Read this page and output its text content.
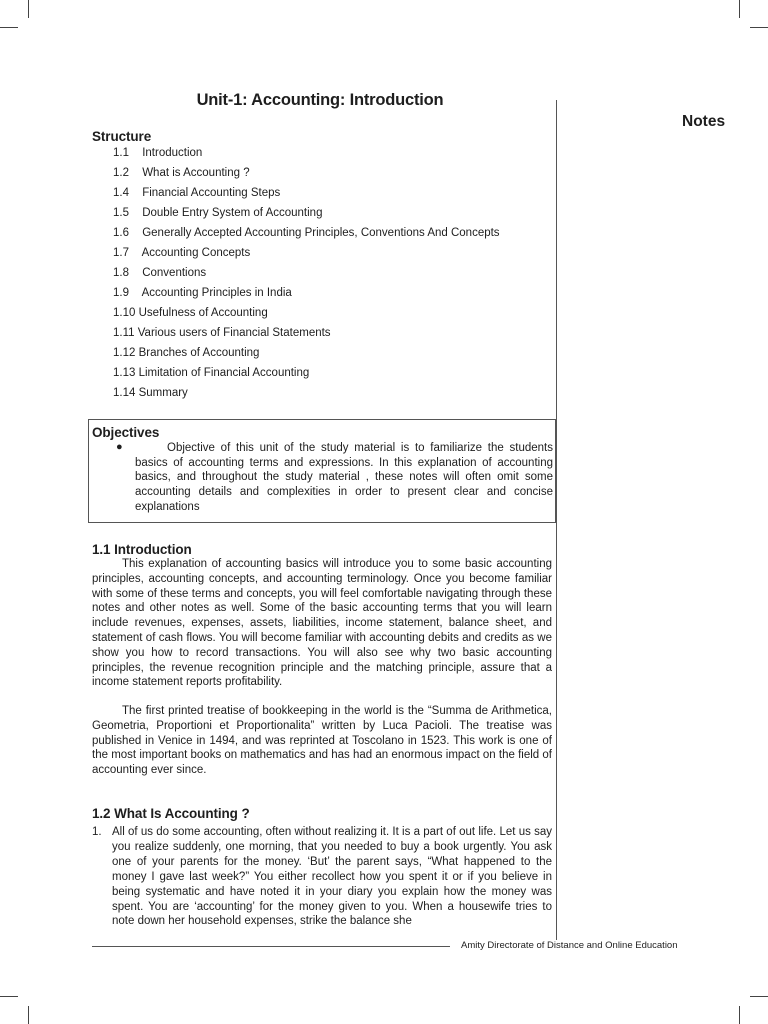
Unit-1: Accounting: Introduction
Notes
Structure
1.1 Introduction
1.2 What is Accounting ?
1.4 Financial Accounting Steps
1.5 Double Entry System of Accounting
1.6 Generally Accepted Accounting Principles, Conventions And Concepts
1.7 Accounting Concepts
1.8 Conventions
1.9 Accounting Principles in India
1.10 Usefulness of Accounting
1.11 Various users of Financial Statements
1.12 Branches of Accounting
1.13 Limitation of Financial Accounting
1.14 Summary
Objectives
●	Objective of this unit of the study material is to familiarize the students basics of accounting terms and expressions. In this explanation of accounting basics, and throughout the study material , these notes will often omit some accounting details and complexities in order to present clear and concise explanations
1.1 Introduction

This explanation of accounting basics will introduce you to some basic accounting principles, accounting concepts, and accounting terminology. Once you become familiar with some of these terms and concepts, you will feel comfortable navigating through these notes and other notes as well. Some of the basic accounting terms that you will learn include revenues, expenses, assets, liabilities, income statement, balance sheet, and statement of cash flows. You will become familiar with accounting debits and credits as we show you how to record transactions. You will also see why two basic accounting principles, the revenue recognition principle and the matching principle, assure that a income statement reports profitability.

The first printed treatise of bookkeeping in the world is the “Summa de Arithmetica, Geometria, Proportioni et Proportionalita” written by Luca Pacioli. The treatise was published in Venice in 1494, and was reprinted at Toscolano in 1523. This work is one of the most important books on mathematics and has had an enormous impact on the field of accounting ever since.

1.2 What Is Accounting ?
1. All of us do some accounting, often without realizing it. It is a part of out life. Let us say you realize suddenly, one morning, that you needed to buy a book urgently. You ask one of your parents for the money. ‘But’ the parent says, “What happened to the money I gave last week?” You either recollect how you spent it or if you believe in being systematic and have noted it in your diary you explain how the money was spent. You are ‘accounting’ for the money given to you. When a housewife tries to note down her household expenses, strike the balance she
Amity Directorate of Distance and Online Education
